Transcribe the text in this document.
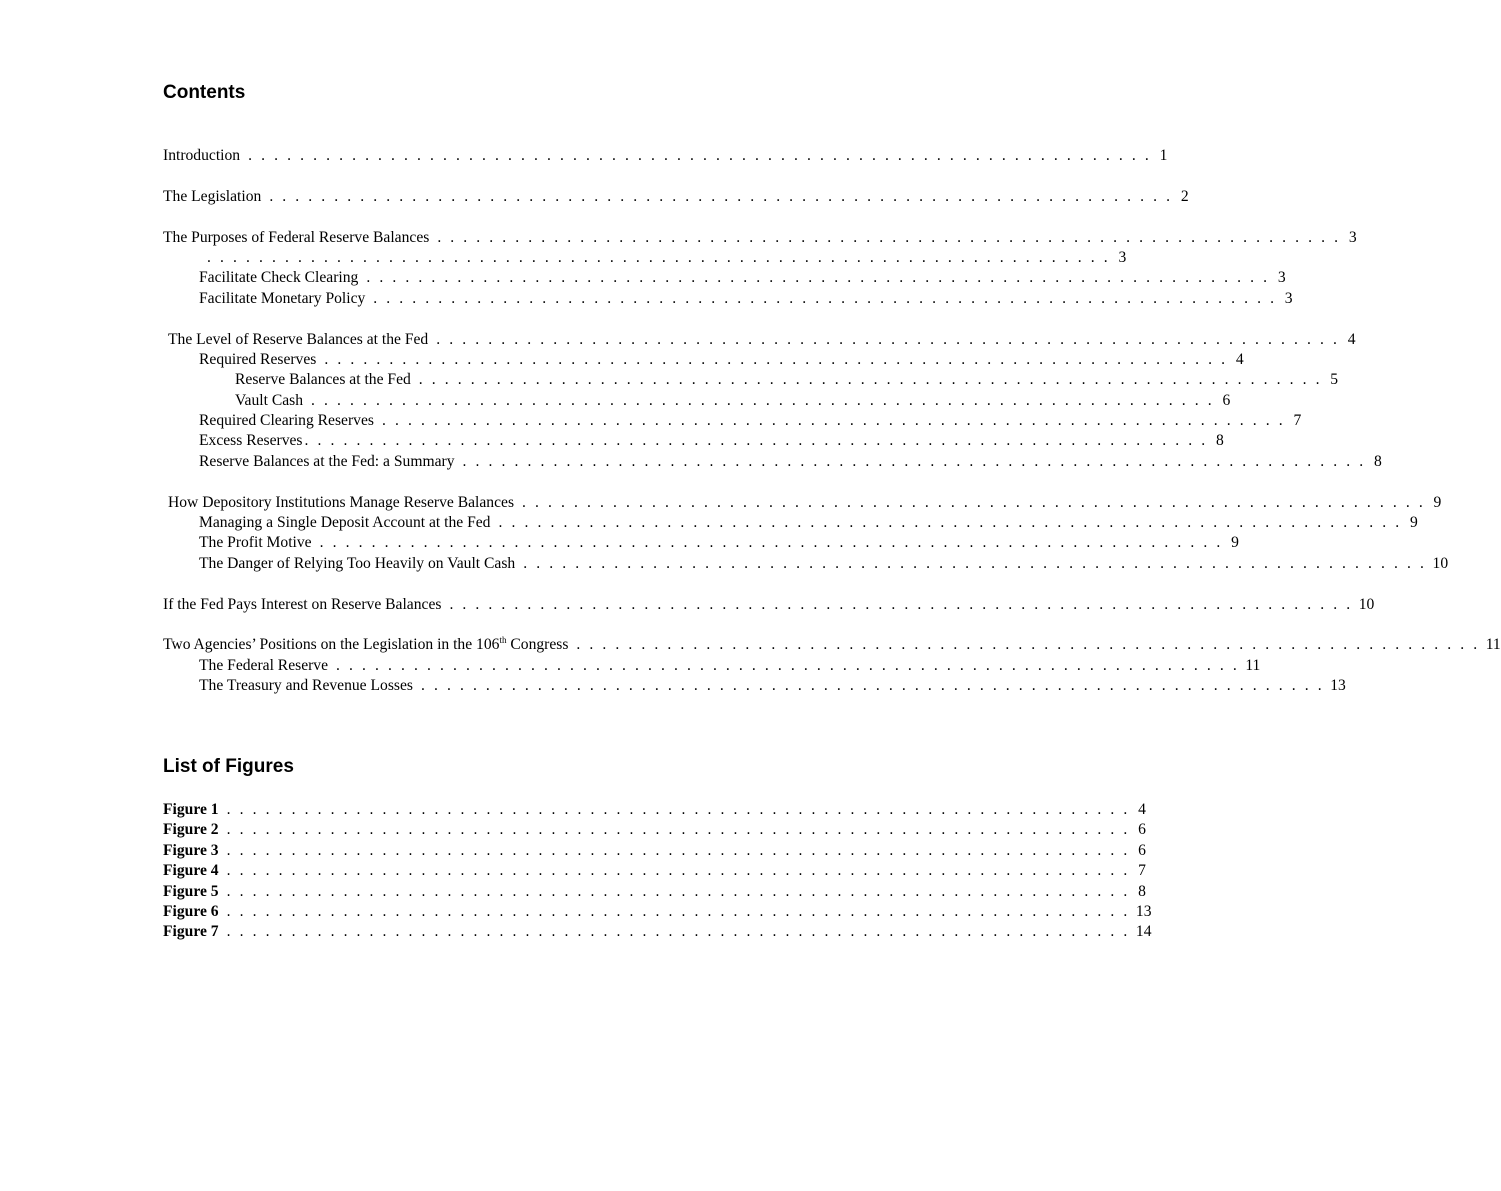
Contents
Introduction . . . . . . . . . . . . . . . . . . . . . . . . . . . . . . . . . . . . . . . . . . . . . . . . . . . . . . . . . . . . . . . . . . . . . . 1
The Legislation . . . . . . . . . . . . . . . . . . . . . . . . . . . . . . . . . . . . . . . . . . . . . . . . . . . . . . . . . . . . . . . . . . . . . . 2
The Purposes of Federal Reserve Balances . . . . . . . . . . . . . . . . . . . . . . . . . . . . . . . . . . . . . . . . . . . . . . . . . . . . . . . . . . . . . . . . . . . . . . 3
. . . . . . . . . . . . . . . . . . . . . . . . . . . . . . . . . . . . . . . . . . . . . . . . . . . . . . . . . . . . . . . . . . . . . . 3
Facilitate Check Clearing . . . . . . . . . . . . . . . . . . . . . . . . . . . . . . . . . . . . . . . . . . . . . . . . . . . . . . . . . . . . . . . . . . . . . . 3
Facilitate Monetary Policy . . . . . . . . . . . . . . . . . . . . . . . . . . . . . . . . . . . . . . . . . . . . . . . . . . . . . . . . . . . . . . . . . . . . . . 3
The Level of Reserve Balances at the Fed . . . . . . . . . . . . . . . . . . . . . . . . . . . . . . . . . . . . . . . . . . . . . . . . . . . . . . . . . . . . . . . . . . . . . . 4
Required Reserves . . . . . . . . . . . . . . . . . . . . . . . . . . . . . . . . . . . . . . . . . . . . . . . . . . . . . . . . . . . . . . . . . . . . . . 4
Reserve Balances at the Fed . . . . . . . . . . . . . . . . . . . . . . . . . . . . . . . . . . . . . . . . . . . . . . . . . . . . . . . . . . . . . . . . . . . . . . 5
Vault Cash . . . . . . . . . . . . . . . . . . . . . . . . . . . . . . . . . . . . . . . . . . . . . . . . . . . . . . . . . . . . . . . . . . . . . . 6
Required Clearing Reserves . . . . . . . . . . . . . . . . . . . . . . . . . . . . . . . . . . . . . . . . . . . . . . . . . . . . . . . . . . . . . . . . . . . . . . 7
Excess Reserves . . . . . . . . . . . . . . . . . . . . . . . . . . . . . . . . . . . . . . . . . . . . . . . . . . . . . . . . . . . . . . . . . . . . . . 8
Reserve Balances at the Fed: a Summary . . . . . . . . . . . . . . . . . . . . . . . . . . . . . . . . . . . . . . . . . . . . . . . . . . . . . . . . . . . . . . . . . . . . . . 8
How Depository Institutions Manage Reserve Balances . . . . . . . . . . . . . . . . . . . . . . . . . . . . . . . . . . . . . . . . . . . . . . . . . . . . . . . . . . . . . . . . . . . . . . 9
Managing a Single Deposit Account at the Fed . . . . . . . . . . . . . . . . . . . . . . . . . . . . . . . . . . . . . . . . . . . . . . . . . . . . . . . . . . . . . . . . . . . . . . 9
The Profit Motive . . . . . . . . . . . . . . . . . . . . . . . . . . . . . . . . . . . . . . . . . . . . . . . . . . . . . . . . . . . . . . . . . . . . . . 9
The Danger of Relying Too Heavily on Vault Cash . . . . . . . . . . . . . . . . . . . . . . . . . . . . . . . . . . . . . . . . . . . . . . . . . . . . . . . . . . . . . . . . . . . . . . 10
If the Fed Pays Interest on Reserve Balances . . . . . . . . . . . . . . . . . . . . . . . . . . . . . . . . . . . . . . . . . . . . . . . . . . . . . . . . . . . . . . . . . . . . . . 10
Two Agencies’ Positions on the Legislation in the 106th Congress . . . . . . . . . . . . . . . . . . . . . . . . . . . . . . . . . . . . . . . . . . . . . . . . . . . . . . . . . . . . . . . . . . . . . . 11
The Federal Reserve . . . . . . . . . . . . . . . . . . . . . . . . . . . . . . . . . . . . . . . . . . . . . . . . . . . . . . . . . . . . . . . . . . . . . . 11
The Treasury and Revenue Losses . . . . . . . . . . . . . . . . . . . . . . . . . . . . . . . . . . . . . . . . . . . . . . . . . . . . . . . . . . . . . . . . . . . . . . 13
List of Figures
Figure 1 . . . . . . . . . . . . . . . . . . . . . . . . . . . . . . . . . . . . . . . . . . . . . . . . . . . . . . . . . . . . . . . . . . . . . . 4
Figure 2 . . . . . . . . . . . . . . . . . . . . . . . . . . . . . . . . . . . . . . . . . . . . . . . . . . . . . . . . . . . . . . . . . . . . . . 6
Figure 3 . . . . . . . . . . . . . . . . . . . . . . . . . . . . . . . . . . . . . . . . . . . . . . . . . . . . . . . . . . . . . . . . . . . . . . 6
Figure 4 . . . . . . . . . . . . . . . . . . . . . . . . . . . . . . . . . . . . . . . . . . . . . . . . . . . . . . . . . . . . . . . . . . . . . . 7
Figure 5 . . . . . . . . . . . . . . . . . . . . . . . . . . . . . . . . . . . . . . . . . . . . . . . . . . . . . . . . . . . . . . . . . . . . . . 8
Figure 6 . . . . . . . . . . . . . . . . . . . . . . . . . . . . . . . . . . . . . . . . . . . . . . . . . . . . . . . . . . . . . . . . . . . . . . 13
Figure 7 . . . . . . . . . . . . . . . . . . . . . . . . . . . . . . . . . . . . . . . . . . . . . . . . . . . . . . . . . . . . . . . . . . . . . . 14
